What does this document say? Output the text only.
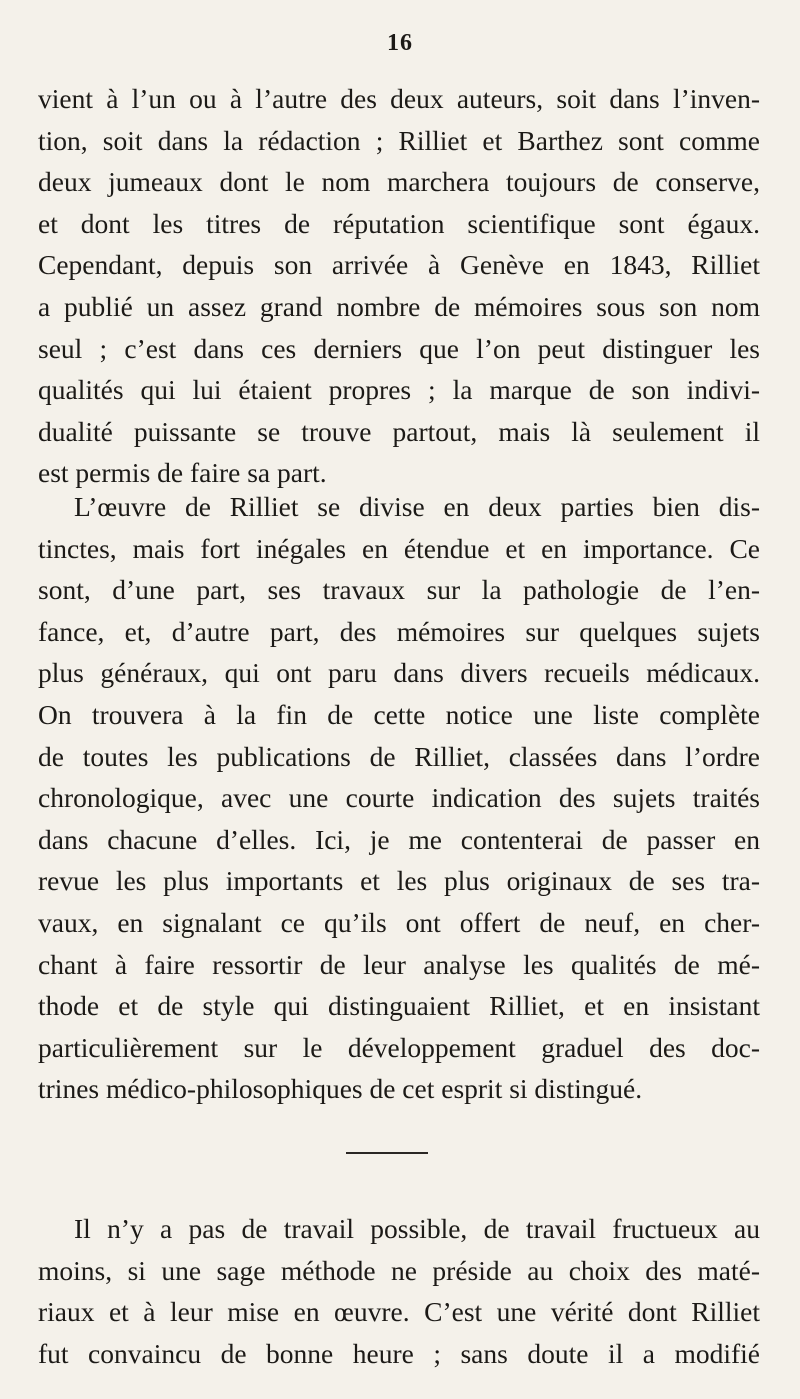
16
vient à l’un ou à l’autre des deux auteurs, soit dans l’inven-
tion, soit dans la rédaction ; Rilliet et Barthez sont comme
deux jumeaux dont le nom marchera toujours de conserve,
et dont les titres de réputation scientifique sont égaux.
Cependant, depuis son arrivée à Genève en 1843, Rilliet
a publié un assez grand nombre de mémoires sous son nom
seul ; c’est dans ces derniers que l’on peut distinguer les
qualités qui lui étaient propres ; la marque de son indivi-
dualité puissante se trouve partout, mais là seulement il
est permis de faire sa part.
L’œuvre de Rilliet se divise en deux parties bien dis-
tinctes, mais fort inégales en étendue et en importance. Ce
sont, d’une part, ses travaux sur la pathologie de l’en-
fance, et, d’autre part, des mémoires sur quelques sujets
plus généraux, qui ont paru dans divers recueils médicaux.
On trouvera à la fin de cette notice une liste complète
de toutes les publications de Rilliet, classées dans l’ordre
chronologique, avec une courte indication des sujets traités
dans chacune d’elles. Ici, je me contenterai de passer en
revue les plus importants et les plus originaux de ses tra-
vaux, en signalant ce qu’ils ont offert de neuf, en cher-
chant à faire ressortir de leur analyse les qualités de mé-
thode et de style qui distinguaient Rilliet, et en insistant
particulièrement sur le développement graduel des doc-
trines médico-philosophiques de cet esprit si distingué.
Il n’y a pas de travail possible, de travail fructueux au
moins, si une sage méthode ne préside au choix des maté-
riaux et à leur mise en œuvre. C’est une vérité dont Rilliet
fut convaincu de bonne heure ; sans doute il a modifié
